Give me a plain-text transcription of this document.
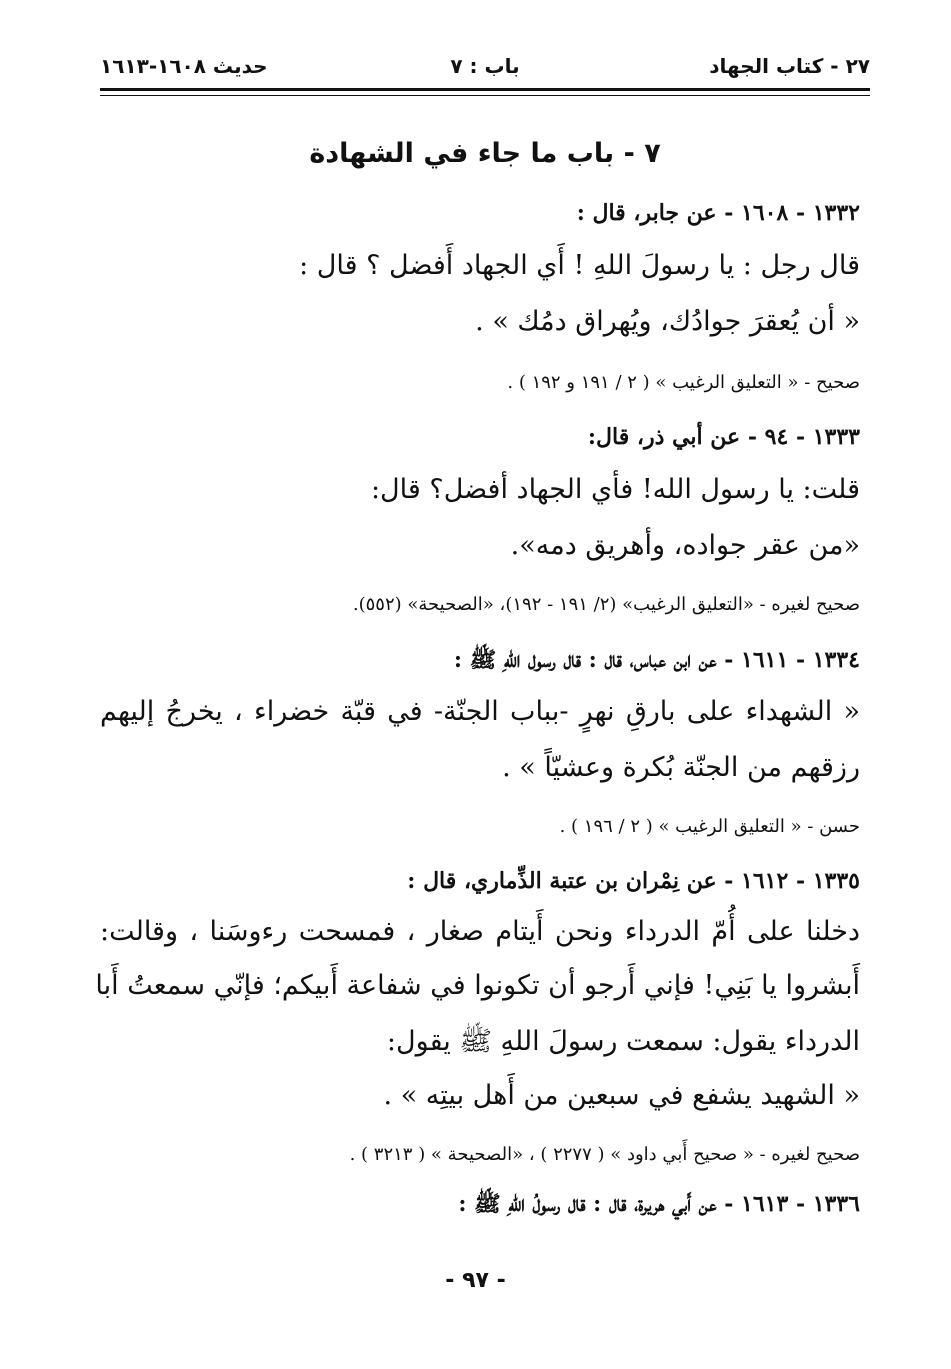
٢٧ - كتاب الجهاد
باب : ٧
حديث ١٦٠٨-١٦١٣
٧ - باب ما جاء في الشهادة
١٣٣٢ - ١٦٠٨ - عن جابر، قال :
قال رجل : يا رسولَ اللهِ ! أَي الجهاد أَفضل ؟ قال :
« أن يُعقرَ جوادُك، ويُهراق دمُك » .
صحيح - « التعليق الرغيب » ( ٢ / ١٩١ و ١٩٢ ) .
١٣٣٣ - ٩٤ - عن أبي ذر، قال:
قلت: يا رسول الله! فأي الجهاد أفضل؟ قال:
«من عقر جواده، وأهريق دمه».
صحيح لغيره - «التعليق الرغيب» (٢/ ١٩١ - ١٩٢)، «الصحيحة» (٥٥٢).
١٣٣٤ - ١٦١١ - عن ابن عباس، قال : قال رسول اللهِ ﷺ :
« الشهداء على بارقِ نهرٍ -بباب الجنّة- في قبّة خضراء ، يخرجُ إليهم
رزقهم من الجنّة بُكرة وعشيّاً » .
حسن - « التعليق الرغيب » ( ٢ / ١٩٦ ) .
١٣٣٥ - ١٦١٢ - عن نِمْران بن عتبة الذِّماري، قال :
دخلنا على أُمّ الدرداء ونحن أَيتام صغار ، فمسحت رءوسَنا ، وقالت:
أَبشروا يا بَنِي! فإني أَرجو أن تكونوا في شفاعة أَبيكم؛ فإنّي سمعتُ أَبا
الدرداء يقول: سمعت رسولَ اللهِ ﷺ يقول:
« الشهيد يشفع في سبعين من أَهل بيتِه » .
صحيح لغيره - « صحيح أَبي داود » ( ٢٢٧٧ ) ، «الصحيحة » ( ٣٢١٣ ) .
١٣٣٦ - ١٦١٣ - عن أَبي هريرة، قال : قال رسولُ اللهِ ﷺ :
- ٩٧ -
